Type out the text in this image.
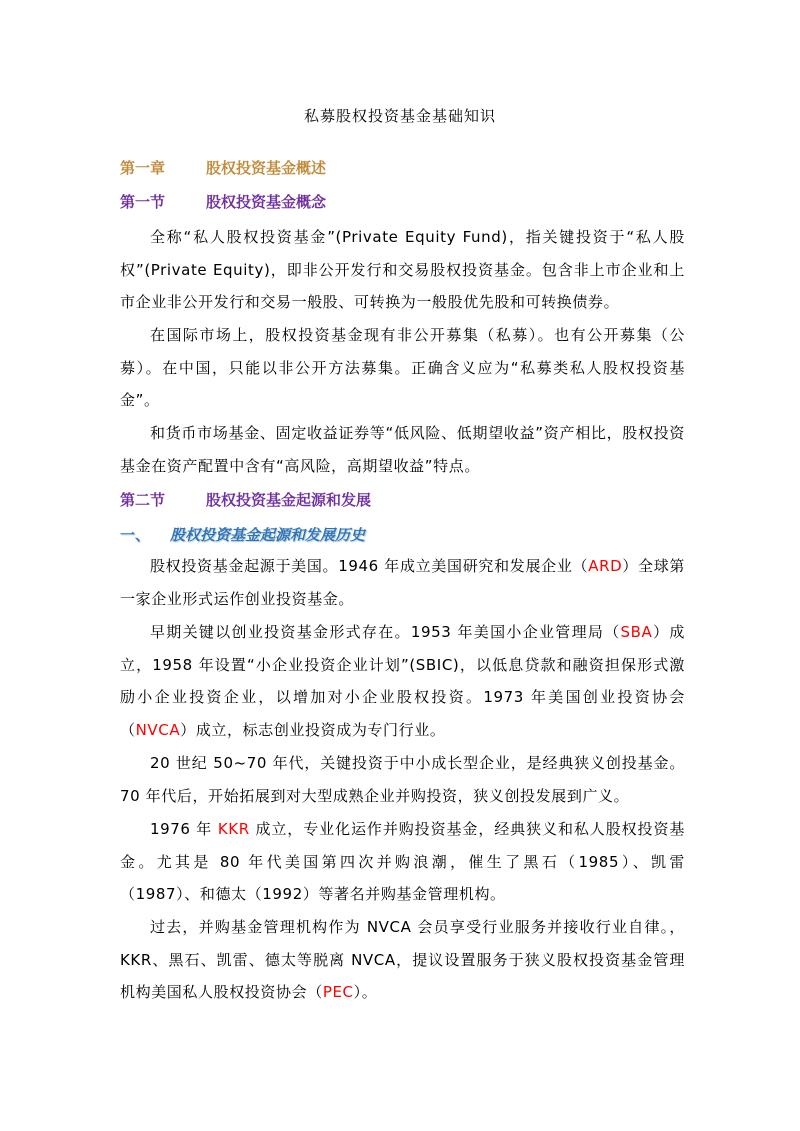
私募股权投资基金基础知识
第一章	股权投资基金概述
第一节	股权投资基金概念
全称“私人股权投资基金”(Private Equity Fund)，指关键投资于“私人股权”(Private Equity)，即非公开发行和交易股权投资基金。包含非上市企业和上市企业非公开发行和交易一般股、可转换为一般股优先股和可转换债券。
在国际市场上，股权投资基金现有非公开募集（私募）。也有公开募集（公募）。在中国，只能以非公开方法募集。正确含义应为“私募类私人股权投资基金”。
和货币市场基金、固定收益证券等“低风险、低期望收益”资产相比，股权投资基金在资产配置中含有“高风险，高期望收益”特点。
第二节	股权投资基金起源和发展
一、 股权投资基金起源和发展历史
股权投资基金起源于美国。1946 年成立美国研究和发展企业（ARD）全球第一家企业形式运作创业投资基金。
早期关键以创业投资基金形式存在。1953 年美国小企业管理局（SBA）成立，1958 年设置“小企业投资企业计划”(SBIC)，以低息贷款和融资担保形式激励小企业投资企业，以增加对小企业股权投资。1973 年美国创业投资协会（NVCA）成立，标志创业投资成为专门行业。
20 世纪 50~70 年代，关键投资于中小成长型企业，是经典狭义创投基金。70 年代后，开始拓展到对大型成熟企业并购投资，狭义创投发展到广义。
1976 年 KKR 成立，专业化运作并购投资基金，经典狭义和私人股权投资基金。尤其是 80 年代美国第四次并购浪潮，催生了黑石（1985）、凯雷（1987）、和德太（1992）等著名并购基金管理机构。
过去，并购基金管理机构作为 NVCA 会员享受行业服务并接收行业自律。，KKR、黑石、凯雷、德太等脱离 NVCA，提议设置服务于狭义股权投资基金管理机构美国私人股权投资协会（PEC）。
